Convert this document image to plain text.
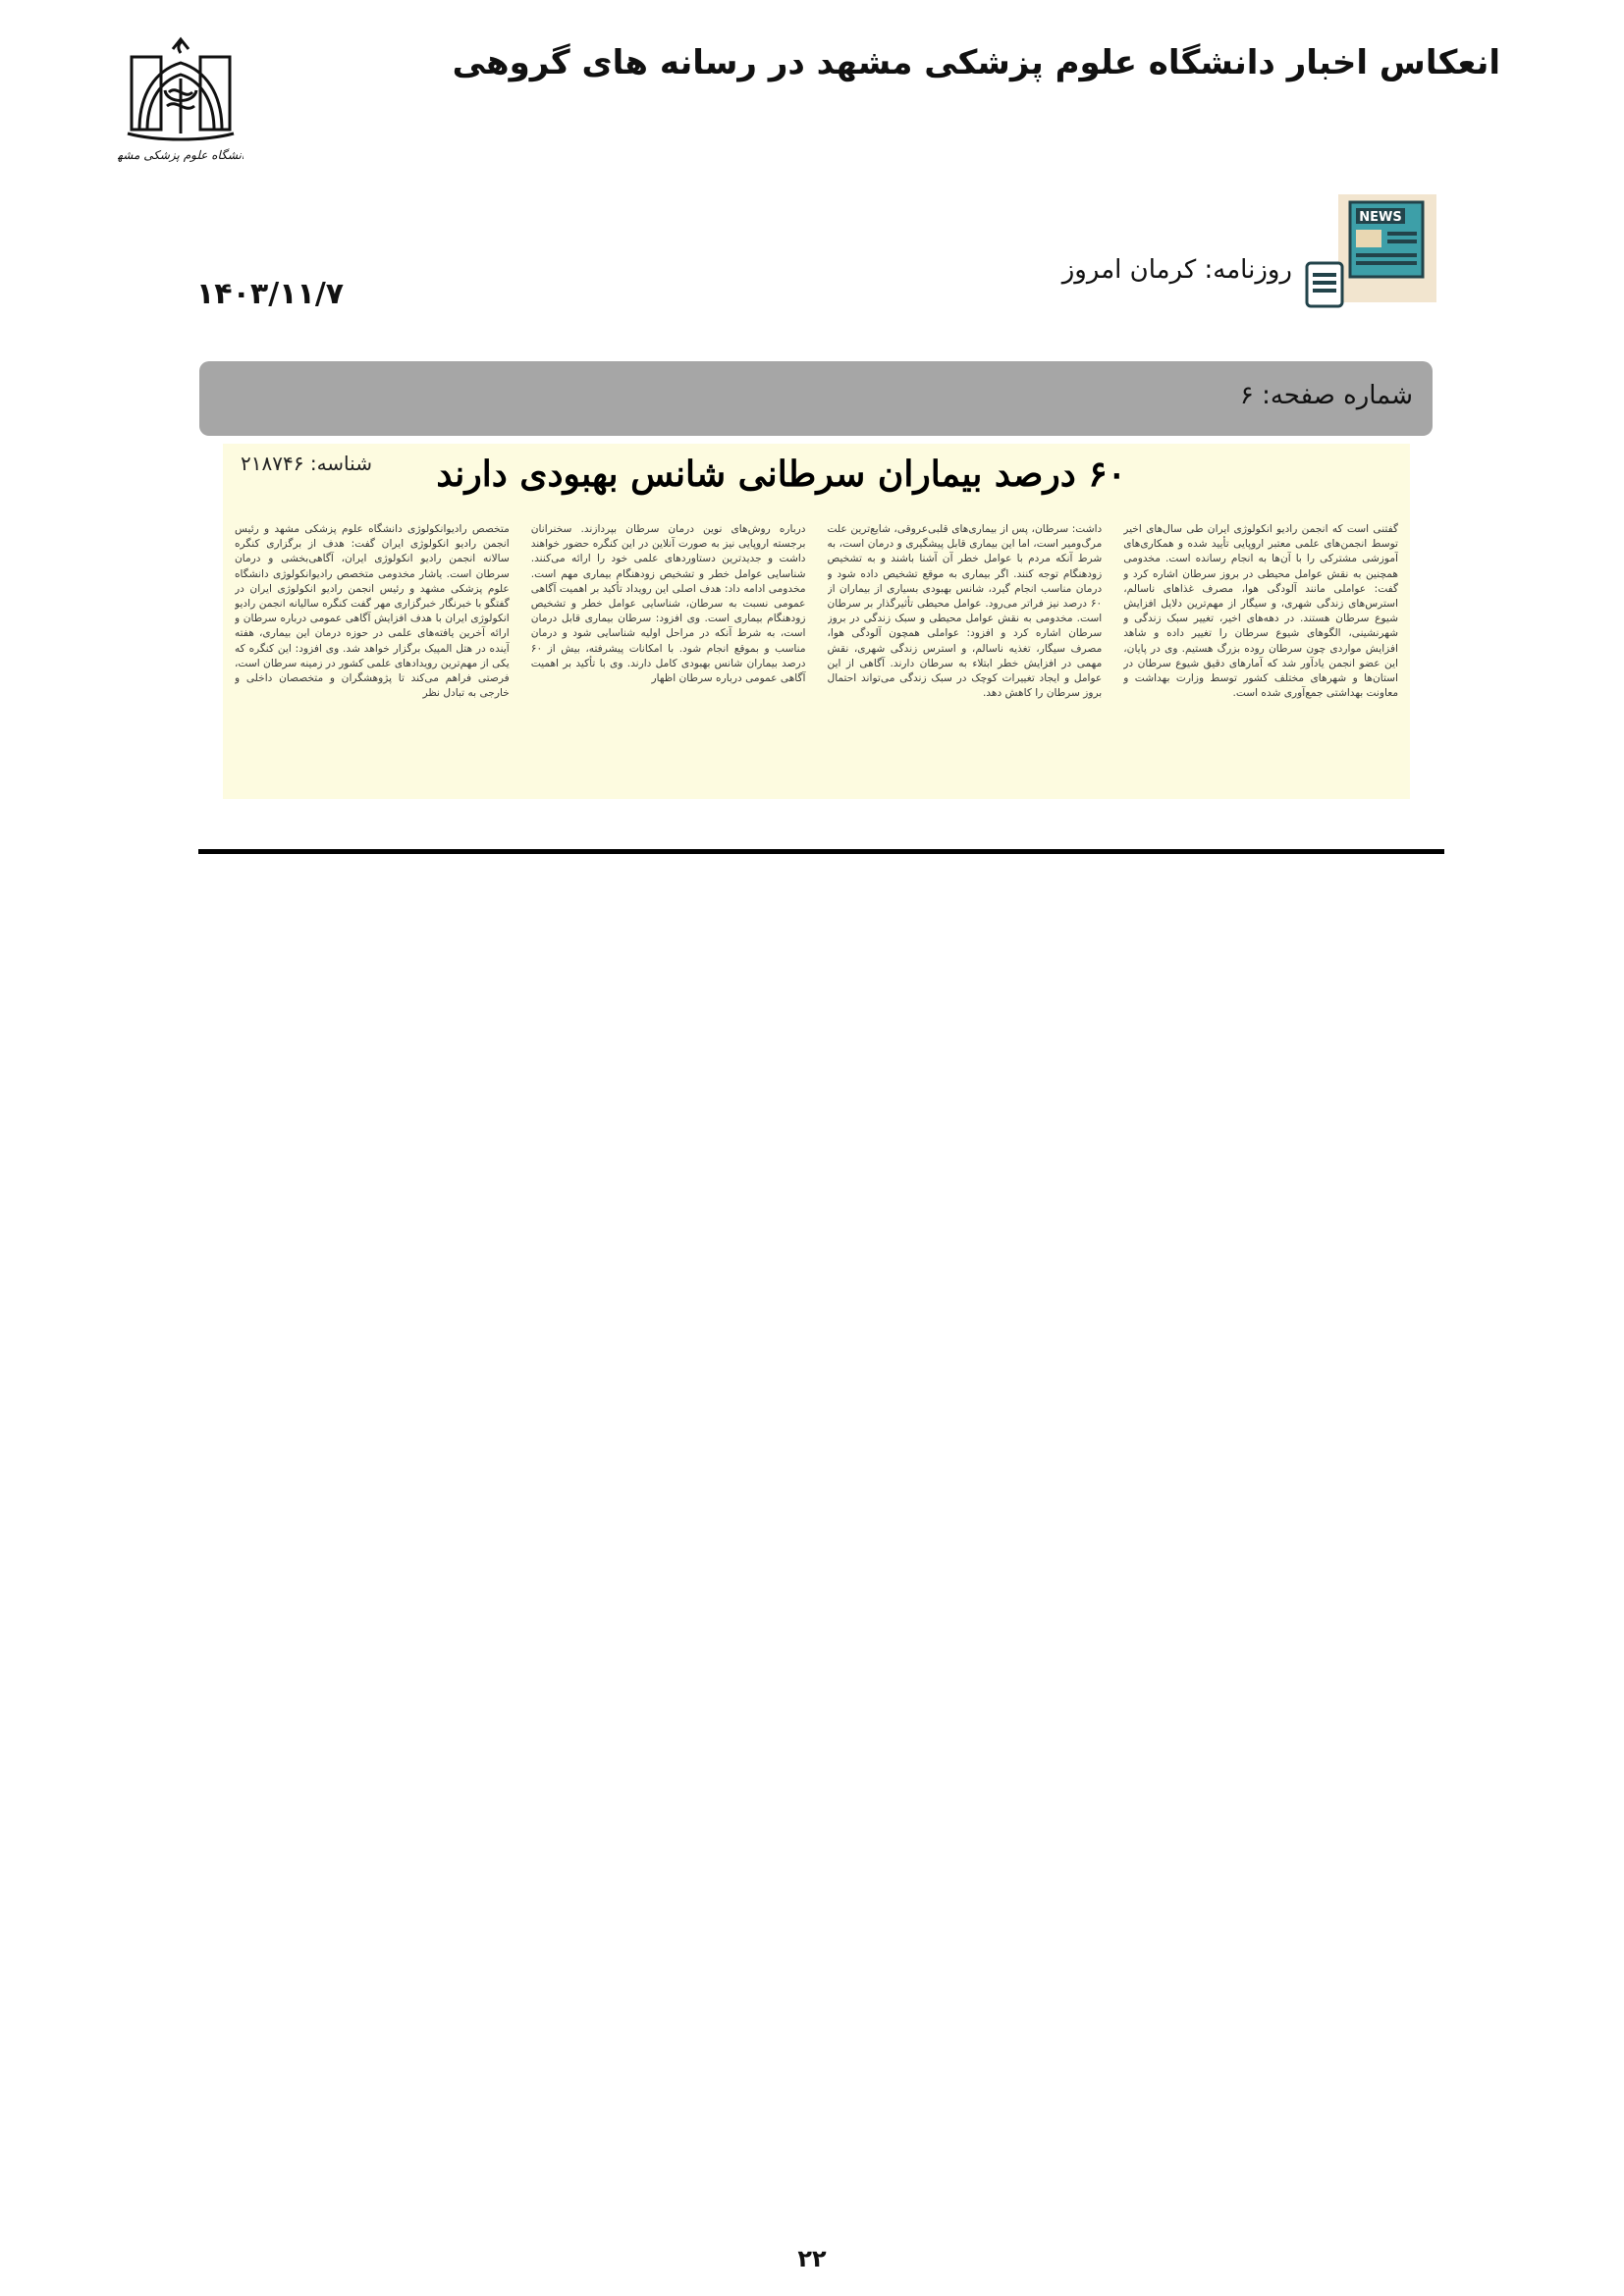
انعکاس اخبار دانشگاه علوم پزشکی مشهد در رسانه های گروهی
دانشگاه علوم پزشکی مشهد
NEWS
روزنامه: کرمان امروز
۱۴۰۳/۱۱/۷
شماره صفحه: ۶
شناسه: ۲۱۸۷۴۶	۶۰ درصد بیماران سرطانی شانس بهبودی دارند
متخصص رادیوانکولوژی دانشگاه علوم پزشکی مشهد و رئیس انجمن رادیو انکولوژی ایران گفت: هدف از برگزاری کنگره سالانه انجمن رادیو انکولوژی ایران، آگاهی‌بخشی و درمان سرطان است. یاشار مخدومی متخصص رادیوانکولوژی دانشگاه علوم پزشکی مشهد و رئیس انجمن رادیو انکولوژی ایران در گفتگو با خبرنگار خبرگزاری مهر گفت کنگره سالیانه انجمن رادیو انکولوژی ایران با هدف افزایش آگاهی عمومی درباره سرطان و ارائه آخرین یافته‌های علمی در حوزه درمان این بیماری، هفته آینده در هتل المپیک برگزار خواهد شد. وی افزود: این کنگره که یکی از مهم‌ترین رویدادهای علمی کشور در زمینه سرطان است، فرصتی فراهم می‌کند تا پژوهشگران و متخصصان داخلی و خارجی به تبادل نظر
درباره روش‌های نوین درمان سرطان بپردازند. سخنرانان برجسته اروپایی نیز به صورت آنلاین در این کنگره حضور خواهند داشت و جدیدترین دستاوردهای علمی خود را ارائه می‌کنند. شناسایی عوامل خطر و تشخیص زودهنگام بیماری مهم است. مخدومی ادامه داد: هدف اصلی این رویداد تأکید بر اهمیت آگاهی عمومی نسبت به سرطان، شناسایی عوامل خطر و تشخیص زودهنگام بیماری است. وی افزود: سرطان بیماری قابل درمان است، به شرط آنکه در مراحل اولیه شناسایی شود و درمان مناسب و بموقع انجام شود. با امکانات پیشرفته، بیش از ۶۰ درصد بیماران شانس بهبودی کامل دارند. وی با تأکید بر اهمیت آگاهی عمومی درباره سرطان اظهار
داشت: سرطان، پس از بیماری‌های قلبی‌عروقی، شایع‌ترین علت مرگ‌ومیر است، اما این بیماری قابل پیشگیری و درمان است، به شرط آنکه مردم با عوامل خطر آن آشنا باشند و به تشخیص زودهنگام توجه کنند. اگر بیماری به موقع تشخیص داده شود و درمان مناسب انجام گیرد، شانس بهبودی بسیاری از بیماران از ۶۰ درصد نیز فراتر می‌رود. عوامل محیطی تأثیرگذار بر سرطان است. مخدومی به نقش عوامل محیطی و سبک زندگی در بروز سرطان اشاره کرد و افزود: عواملی همچون آلودگی هوا، مصرف سیگار، تغذیه ناسالم، و استرس زندگی شهری، نقش مهمی در افزایش خطر ابتلاء به سرطان دارند. آگاهی از این عوامل و ایجاد تغییرات کوچک در سبک زندگی می‌تواند احتمال بروز سرطان را کاهش دهد.
گفتنی است که انجمن رادیو انکولوژی ایران طی سال‌های اخیر توسط انجمن‌های علمی معتبر اروپایی تأیید شده و همکاری‌های آموزشی مشترکی را با آن‌ها به انجام رسانده است. مخدومی همچنین به نقش عوامل محیطی در بروز سرطان اشاره کرد و گفت: عواملی مانند آلودگی هوا، مصرف غذاهای ناسالم، استرس‌های زندگی شهری، و سیگار از مهم‌ترین دلایل افزایش شیوع سرطان هستند. در دهه‌های اخیر، تغییر سبک زندگی و شهرنشینی، الگوهای شیوع سرطان را تغییر داده و شاهد افزایش مواردی چون سرطان روده بزرگ هستیم. وی در پایان، این عضو انجمن یادآور شد که آمارهای دقیق شیوع سرطان در استان‌ها و شهرهای مختلف کشور توسط وزارت بهداشت و معاونت بهداشتی جمع‌آوری شده است.
۲۲
